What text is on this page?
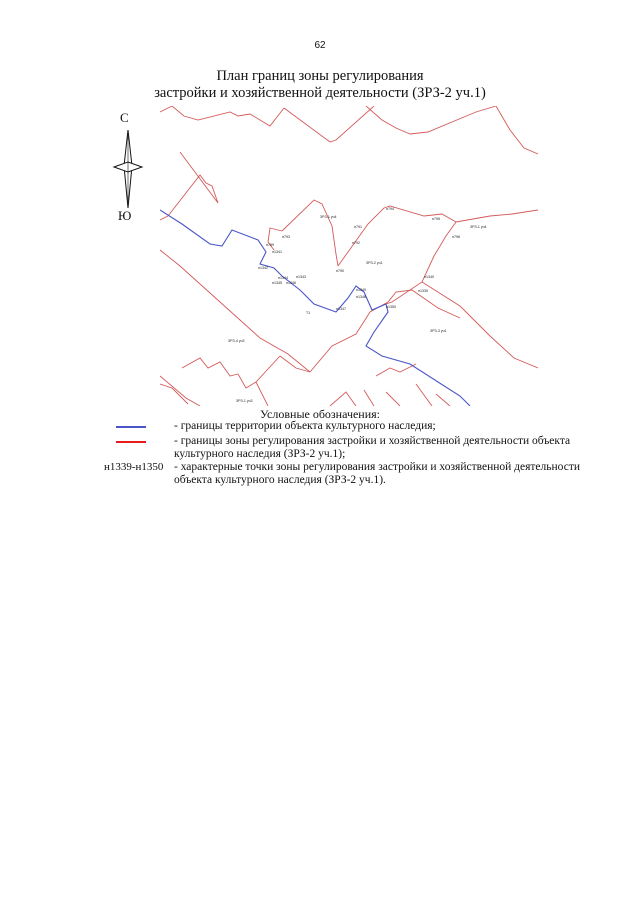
62
План границ зоны регулирования
застройки и хозяйственной деятельности (ЗРЗ-2 уч.1)
С
Ю	ЗРЗ-1 уч4
ЗРЗ-1 уч4
ЗРЗ-2 уч1
ЗРЗ-3 уч1
ЗРЗ-4 уч3
ЗРЗ-1 уч3
Т1
н793
н789
н1341
н1342
н1344 н1343
н1345 н1346
н1347
н1349
н1348
н1350
н1339
н1340
н790
н792
н791
н794
н795
н796
Условные обозначения:
- границы территории объекта культурного наследия;
- границы зоны регулирования застройки и хозяйственной деятельности объекта
культурного наследия (ЗРЗ-2 уч.1);
н1339-н1350 - характерные точки зоны регулирования застройки и хозяйственной деятельности
объекта культурного наследия (ЗРЗ-2 уч.1).
